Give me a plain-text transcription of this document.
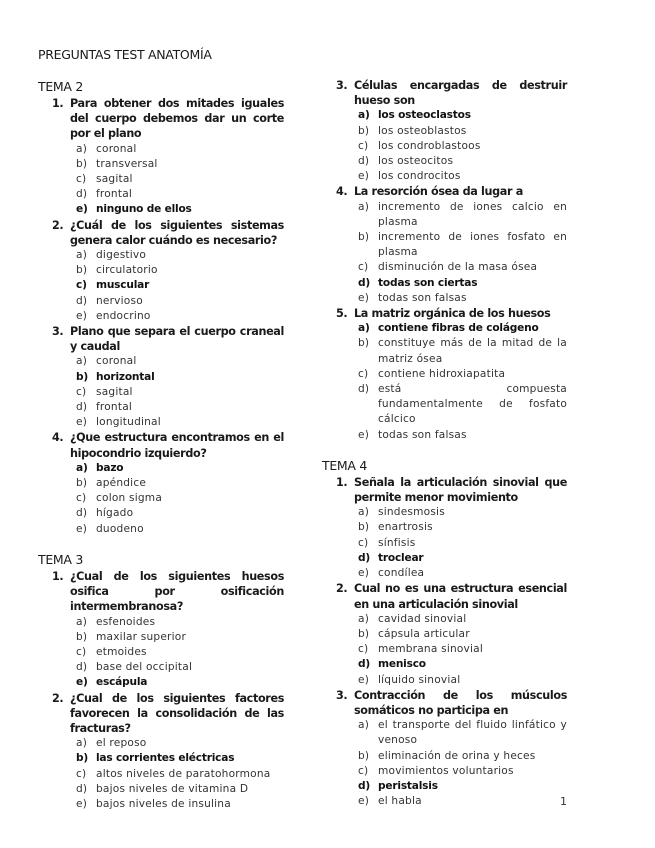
PREGUNTAS TEST ANATOMÍA
TEMA 2
1. Para obtener dos mitades iguales del cuerpo debemos dar un corte por el plano
a) coronal
b) transversal
c) sagital
d) frontal
e) ninguno de ellos
2. ¿Cuál de los siguientes sistemas genera calor cuándo es necesario?
a) digestivo
b) circulatorio
c) muscular
d) nervioso
e) endocrino
3. Plano que separa el cuerpo craneal y caudal
a) coronal
b) horizontal
c) sagital
d) frontal
e) longitudinal
4. ¿Que estructura encontramos en el hipocondrio izquierdo?
a) bazo
b) apéndice
c) colon sigma
d) hígado
e) duodeno
TEMA 3
1. ¿Cual de los siguientes huesos osifica por osificación intermembranosa?
a) esfenoides
b) maxilar superior
c) etmoides
d) base del occipital
e) escápula
2. ¿Cual de los siguientes factores favorecen la consolidación de las fracturas?
a) el reposo
b) las corrientes eléctricas
c) altos niveles de paratohormona
d) bajos niveles de vitamina D
e) bajos niveles de insulina
3. Células encargadas de destruir hueso son
a) los osteoclastos
b) los osteoblastos
c) los condroblastoos
d) los osteocitos
e) los condrocitos
4. La resorción ósea da lugar a
a) incremento de iones calcio en plasma
b) incremento de iones fosfato en plasma
c) disminución de la masa ósea
d) todas son ciertas
e) todas son falsas
5. La matriz orgánica de los huesos
a) contiene fibras de colágeno
b) constituye más de la mitad de la matriz ósea
c) contiene hidroxiapatita
d) está compuesta fundamentalmente de fosfato cálcico
e) todas son falsas
TEMA 4
1. Señala la articulación sinovial que permite menor movimiento
a) sindesmosis
b) enartrosis
c) sínfisis
d) troclear
e) condílea
2. Cual no es una estructura esencial en una articulación sinovial
a) cavidad sinovial
b) cápsula articular
c) membrana sinovial
d) menisco
e) líquido sinovial
3. Contracción de los músculos somáticos no participa en
a) el transporte del fluido linfático y venoso
b) eliminación de orina y heces
c) movimientos voluntarios
d) peristalsis
e) el habla	1
